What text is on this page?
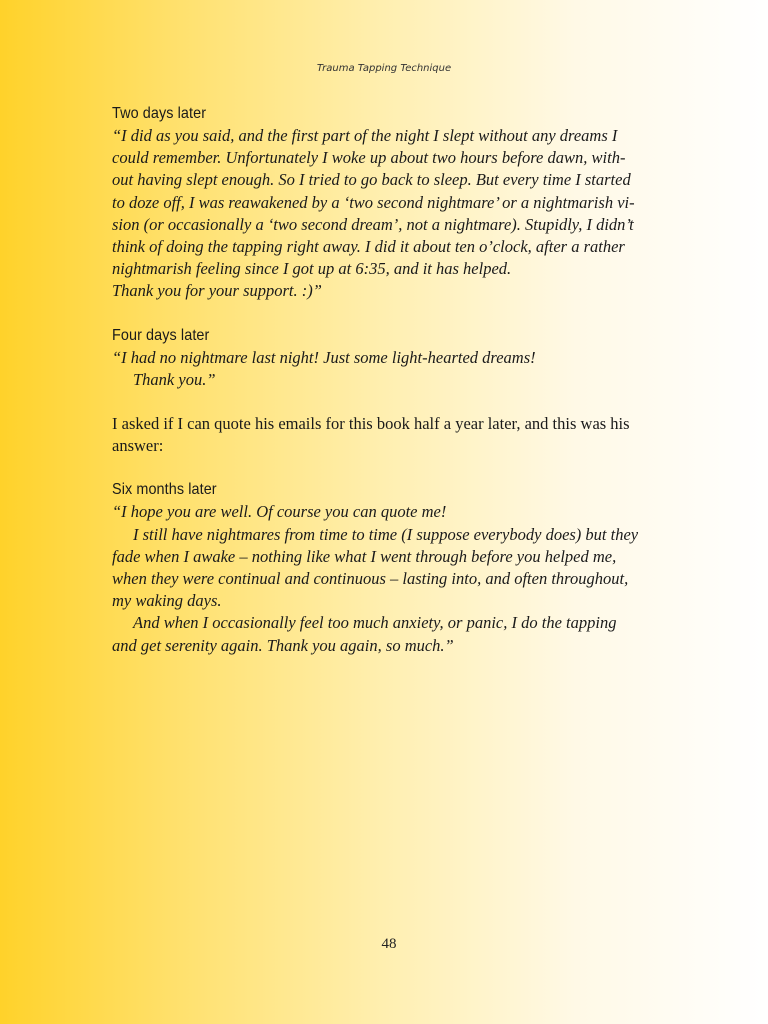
Trauma Tapping Technique
Two days later

“I did as you said, and the first part of the night I slept without any dreams I
could remember. Unfortunately I woke up about two hours before dawn, with-
out having slept enough. So I tried to go back to sleep. But every time I started
to doze off, I was reawakened by a ‘two second nightmare’ or a nightmarish vi-
sion (or occasionally a ‘two second dream’, not a nightmare). Stupidly, I didn’t
think of doing the tapping right away. I did it about ten o’clock, after a rather
nightmarish feeling since I got up at 6:35, and it has helped.
Thank you for your support. :)”

Four days later

“I had no nightmare last night! Just some light-hearted dreams!
Thank you.”

I asked if I can quote his emails for this book half a year later, and this was his
answer:

Six months later

“I hope you are well. Of course you can quote me!
I still have nightmares from time to time (I suppose everybody does) but they
fade when I awake – nothing like what I went through before you helped me,
when they were continual and continuous – lasting into, and often throughout,
my waking days.
And when I occasionally feel too much anxiety, or panic, I do the tapping
and get serenity again. Thank you again, so much.”

48
